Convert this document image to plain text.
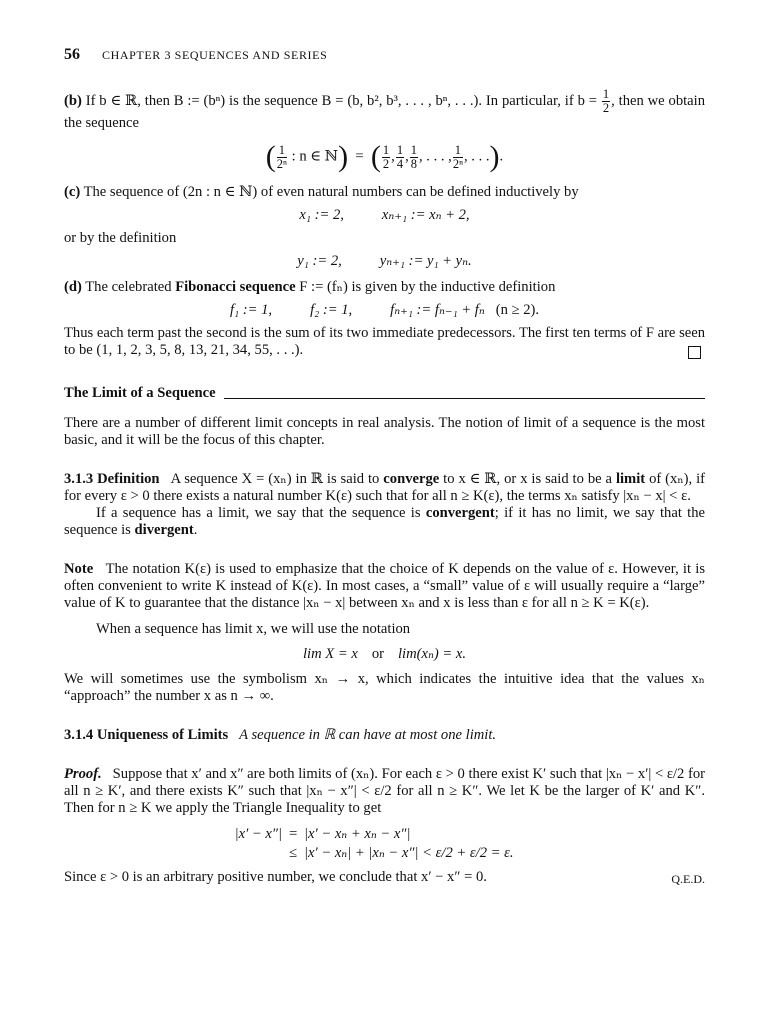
56 CHAPTER 3 SEQUENCES AND SERIES

(b) If b ∈ ℝ, then B := (bⁿ) is the sequence B = (b, b², b³, . . . , bⁿ, . . .). In particular, if $b = \frac{1}{2}$ , then we obtain the sequence

( $\frac{1}{\text{2ⁿ}}$ : n ∈ ℕ)  =  ( $\frac{1}{2}$ , $\frac{1}{4}$ , $\frac{1}{8}$ , . . . , $\frac{1}{\text{2ⁿ}}$ , . . .).

(c) The sequence of (2n : n ∈ ℕ) of even natural numbers can be defined inductively by

x₁ := 2,	xₙ₊₁ := xₙ + 2,

or by the definition

y₁ := 2,	yₙ₊₁ := y₁ + yₙ.

(d) The celebrated Fibonacci sequence F := (fₙ) is given by the inductive definition

f₁ := 1,	f₂ := 1,	fₙ₊₁ := fₙ₋₁ + fₙ (n ≥ 2).

Thus each term past the second is the sum of its two immediate predecessors. The first ten terms of F are seen to be (1, 1, 2, 3, 5, 8, 13, 21, 34, 55, . . .).

The Limit of a Sequence

There are a number of different limit concepts in real analysis. The notion of limit of a sequence is the most basic, and it will be the focus of this chapter.

3.1.3 Definition A sequence X = (xₙ) in ℝ is said to converge to x ∈ ℝ, or x is said to be a limit of (xₙ), if for every ε > 0 there exists a natural number K(ε) such that for all n ≥ K(ε), the terms xₙ satisfy |xₙ − x| < ε.

If a sequence has a limit, we say that the sequence is convergent; if it has no limit, we say that the sequence is divergent.

Note The notation K(ε) is used to emphasize that the choice of K depends on the value of ε. However, it is often convenient to write K instead of K(ε). In most cases, a “small” value of ε will usually require a “large” value of K to guarantee that the distance |xₙ − x| between xₙ and x is less than ε for all n ≥ K = K(ε).

When a sequence has limit x, we will use the notation

lim X = x or lim(xₙ) = x.

We will sometimes use the symbolism xₙ → x, which indicates the intuitive idea that the values xₙ “approach” the number x as n → ∞.

3.1.4 Uniqueness of Limits A sequence in ℝ can have at most one limit.

Proof. Suppose that x′ and x″ are both limits of (xₙ). For each ε > 0 there exist K′ such that |xₙ − x′| < ε/2 for all n ≥ K′, and there exists K″ such that |xₙ − x″| < ε/2 for all n ≥ K″. We let K be the larger of K′ and K″. Then for n ≥ K we apply the Triangle Inequality to get

|x′ − x″| = |x′ − xₙ + xₙ − x″|
≤ |x′ − xₙ| + |xₙ − x″| < ε/2 + ε/2 = ε.

Since ε > 0 is an arbitrary positive number, we conclude that x′ − x″ = 0.	Q.E.D.
